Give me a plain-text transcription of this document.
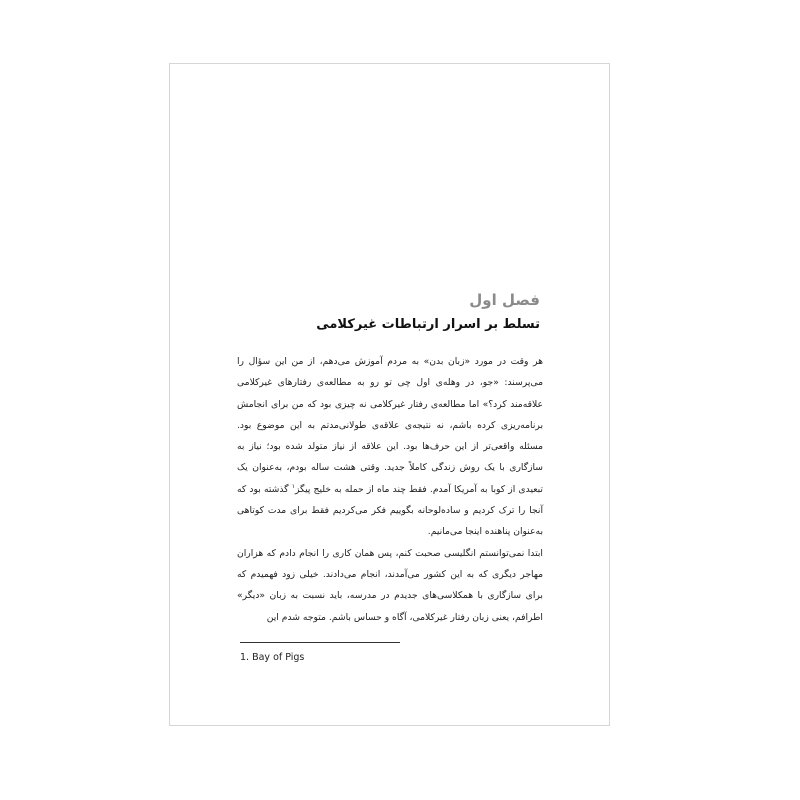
فصل اول
تسلط بر اسرار ارتباطات غیرکلامی

هر وقت در مورد «زبان بدن» به مردم آموزش می‌دهم، از من این سؤال را می‌پرسند: «جو، در وهله‌ی اول چی تو رو به مطالعه‌ی رفتارهای غیرکلامی علاقه‌مند کرد؟» اما مطالعه‌ی رفتار غیرکلامی نه چیزی بود که من برای انجامش برنامه‌ریزی کرده باشم، نه نتیجه‌ی علاقه‌ی طولانی‌مدتم به این موضوع بود. مسئله واقعی‌تر از این حرف‌ها بود. این علاقه از نیاز متولد شده بود؛ نیاز به سازگاری با یک روش زندگی کاملاً جدید. وقتی هشت ساله بودم، به‌عنوان یک تبعیدی از کوبا به آمریکا آمدم. فقط چند ماه از حمله به خلیج پیگز$^۱$ گذشته بود که آنجا را ترک کردیم و ساده‌لوحانه بگوییم فکر می‌کردیم فقط برای مدت کوتاهی به‌عنوان پناهنده اینجا می‌مانیم.

ابتدا نمی‌توانستم انگلیسی صحبت کنم، پس همان کاری را انجام دادم که هزاران مهاجر دیگری که به این کشور می‌آمدند، انجام می‌دادند. خیلی زود فهمیدم که برای سازگاری با همکلاسی‌های جدیدم در مدرسه، باید نسبت به زبان «دیگر» اطرافم، یعنی زبان رفتار غیرکلامی، آگاه و حساس باشم. متوجه شدم این

1. Bay of Pigs
